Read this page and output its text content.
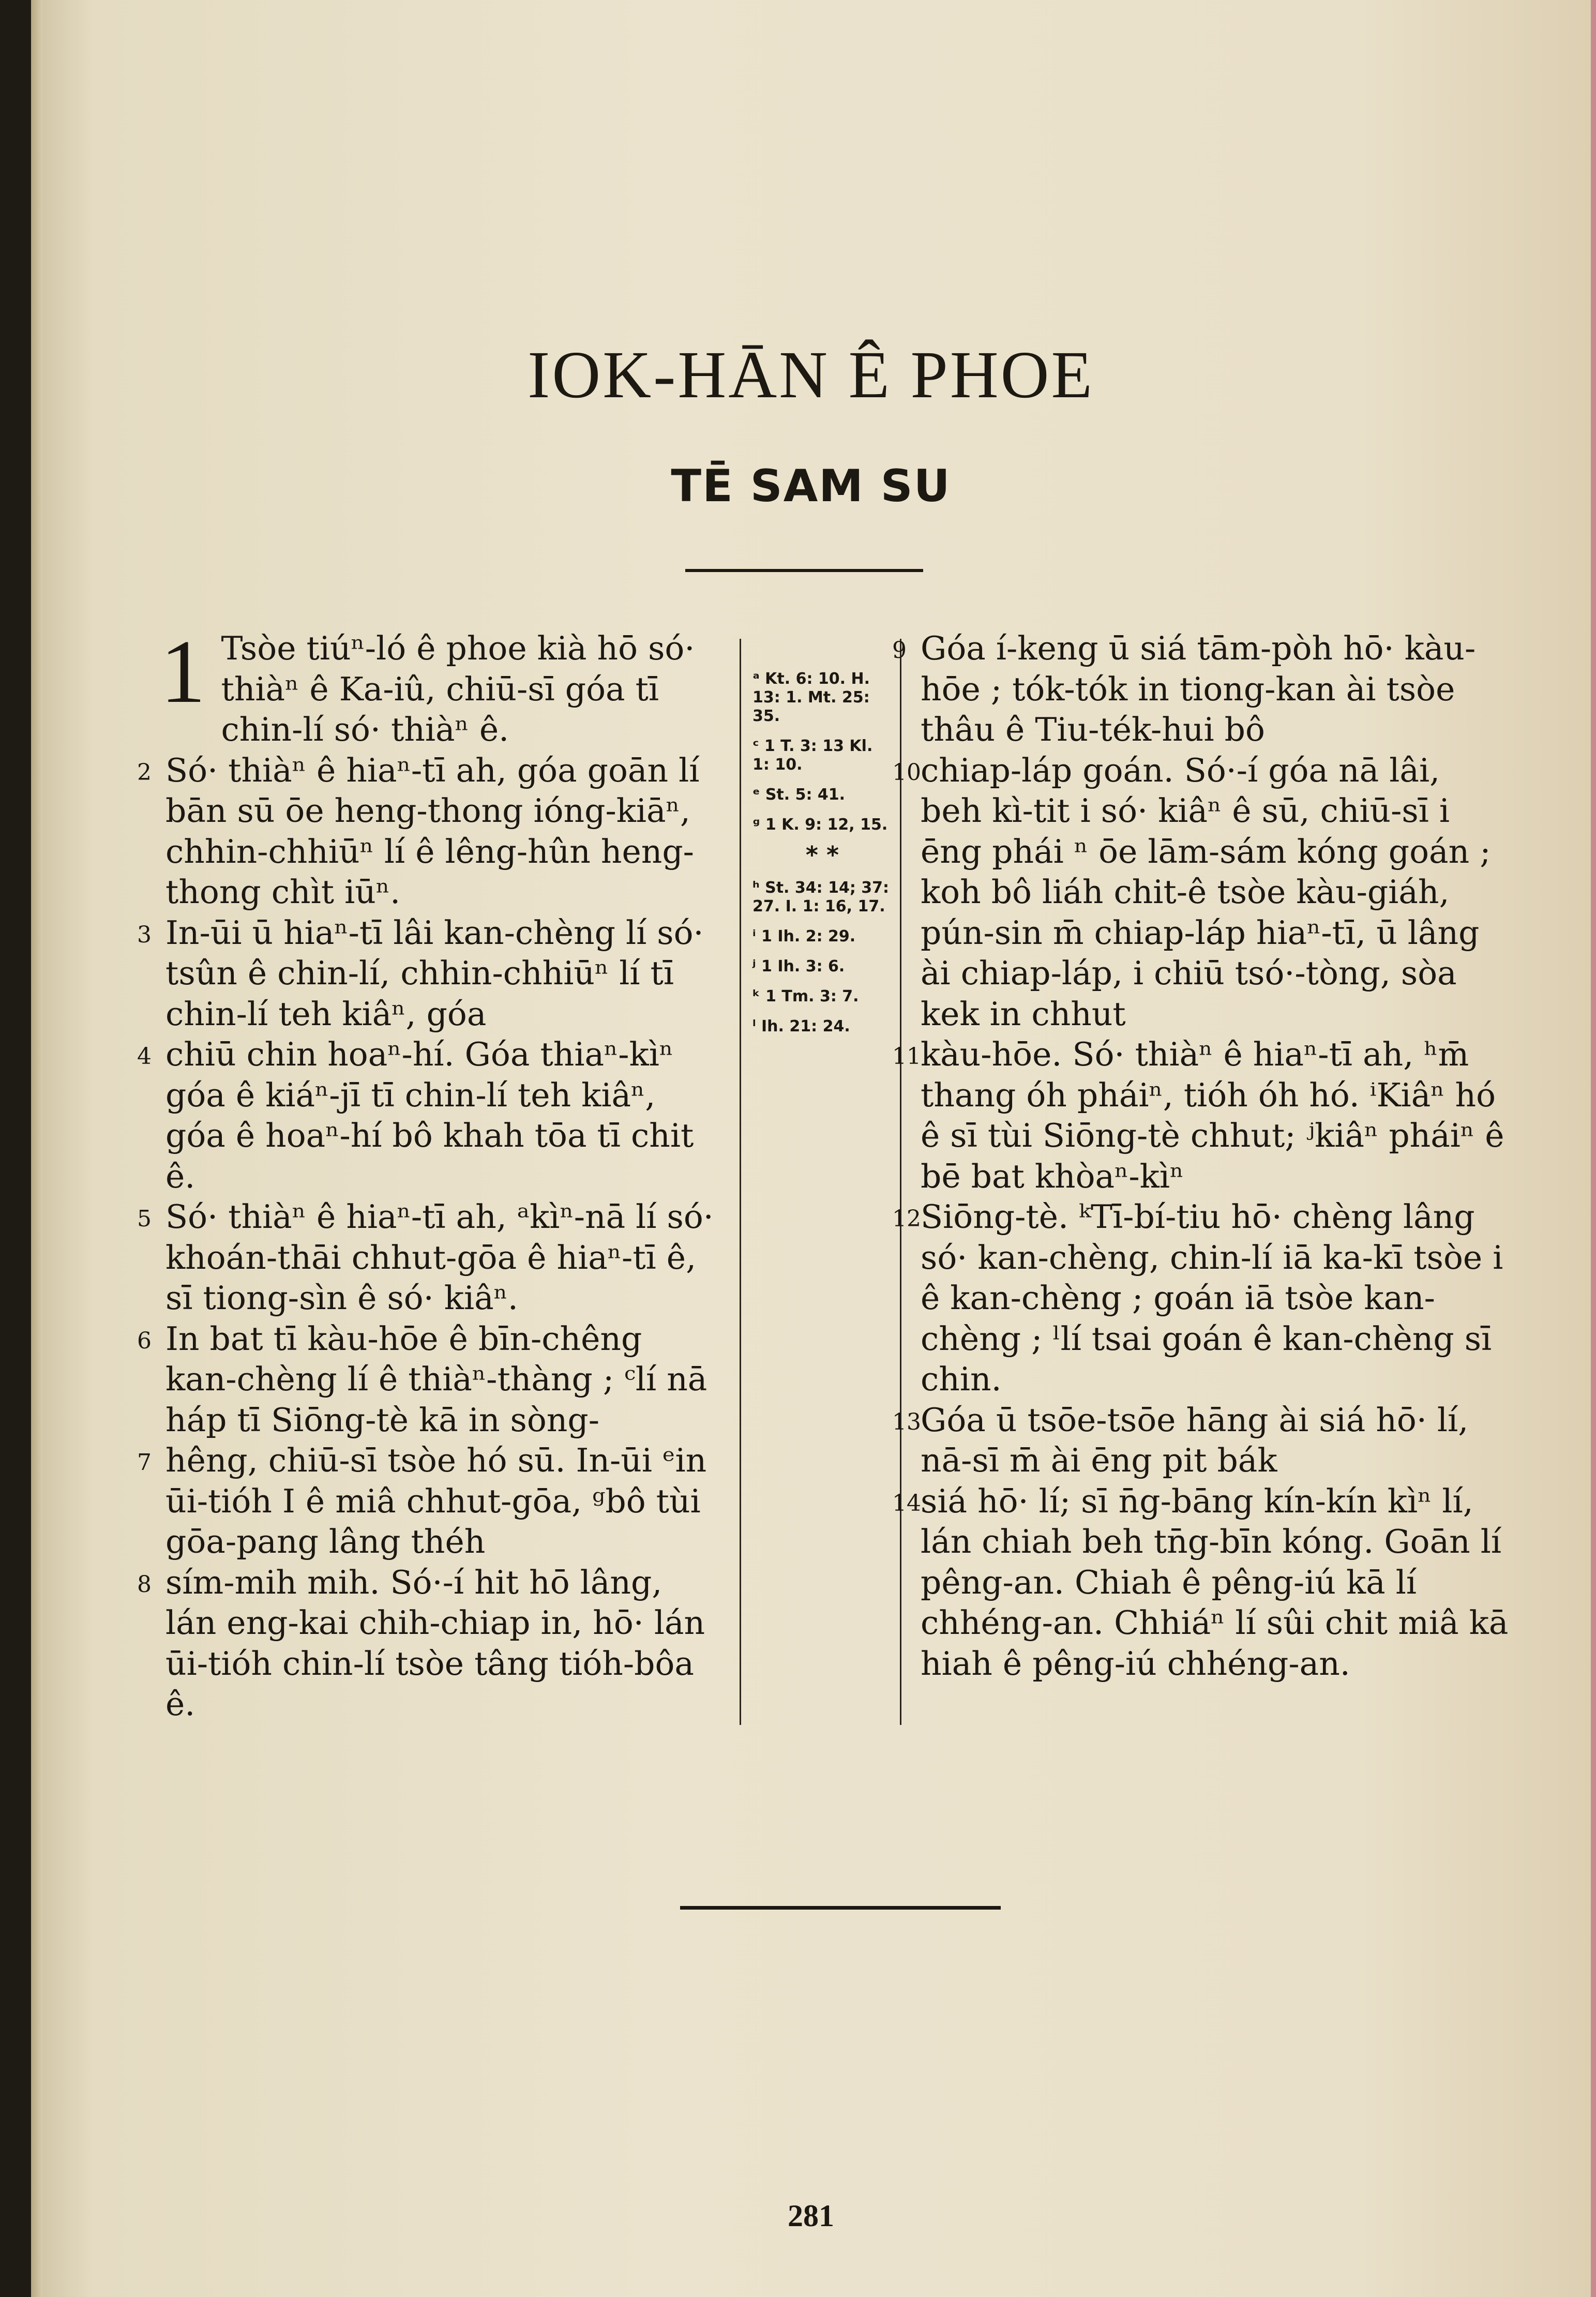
IOK-HĀN Ê PHOE
TĒ SAM SU
1 Tsòe tiúⁿ-ló ê phoe kià hō só· thiàⁿ ê Ka-iû, chiū-sī góa tī chin-lí só· thiàⁿ ê.
2 Só· thiàⁿ ê hiaⁿ-tī ah, góa goān lí bān sū ōe heng-thong ióng-kiāⁿ, chhin-chhiūⁿ lí ê lêng-hûn heng-thong chìt iūⁿ.
3 In-ūi ū hiaⁿ-tī lâi kan-chèng lí só· tsûn ê chin-lí, chhin-chhiūⁿ lí tī chin-lí teh kiâⁿ, góa
4 chiū chin hoaⁿ-hí. Góa thiaⁿ-kìⁿ góa ê kiáⁿ-jī tī chin-lí teh kiâⁿ, góa ê hoaⁿ-hí bô khah tōa tī chit ê.
5 Só· thiàⁿ ê hiaⁿ-tī ah, ᵃkìⁿ-nā lí só· khoán-thāi chhut-gōa ê hiaⁿ-tī ê, sī tiong-sìn ê só· kiâⁿ.
6 In bat tī kàu-hōe ê bīn-chêng kan-chèng lí ê thiàⁿ-thàng ; ᶜlí nā háp tī Siōng-tè kā in sòng-
7 hêng, chiū-sī tsòe hó sū. In-ūi ᵉin ūi-tióh I ê miâ chhut-gōa, ᵍbô tùi gōa-pang lâng théh
8 sím-mih mih. Só·-í hit hō lâng, lán eng-kai chih-chiap in, hō· lán ūi-tióh chin-lí tsòe tâng tióh-bôa ê.
ᵃ Kt. 6: 10. H. 13: 1. Mt. 25: 35.
ᶜ 1 T. 3: 13 Kl. 1: 10.
ᵉ St. 5: 41.
ᵍ 1 K. 9: 12, 15.
* *
ʰ St. 34: 14; 37: 27. I. 1: 16, 17.
ⁱ 1 Ih. 2: 29.
ʲ 1 Ih. 3: 6.
ᵏ 1 Tm. 3: 7.
ˡ Ih. 21: 24.
9 Góa í-keng ū siá tām-pòh hō· kàu-hōe ; tók-tók in tiong-kan ài tsòe thâu ê Tiu-ték-hui bô
10 chiap-láp goán. Só·-í góa nā lâi, beh kì-tit i só· kiâⁿ ê sū, chiū-sī i ēng phái ⁿ ōe lām-sám kóng goán ; koh bô liáh chit-ê tsòe kàu-giáh, pún-sin m̄ chiap-láp hiaⁿ-tī, ū lâng ài chiap-láp, i chiū tsó·-tòng, sòa kek in chhut
11 kàu-hōe. Só· thiàⁿ ê hiaⁿ-tī ah, ʰm̄ thang óh pháiⁿ, tióh óh hó. ⁱKiâⁿ hó ê sī tùi Siōng-tè chhut; ʲkiâⁿ pháiⁿ ê bē bat khòaⁿ-kìⁿ
12 Siōng-tè. ᵏTī-bí-tiu hō· chèng lâng só· kan-chèng, chin-lí iā ka-kī tsòe i ê kan-chèng ; goán iā tsòe kan-chèng ; ˡlí tsai goán ê kan-chèng sī chin.
13 Góa ū tsōe-tsōe hāng ài siá hō· lí, nā-sī m̄ ài ēng pit bák
14 siá hō· lí; sī n̄g-bāng kín-kín kìⁿ lí, lán chiah beh tn̄g-bīn kóng. Goān lí pêng-an. Chiah ê pêng-iú kā lí chhéng-an. Chhiáⁿ lí sûi chit miâ kā hiah ê pêng-iú chhéng-an.
281
